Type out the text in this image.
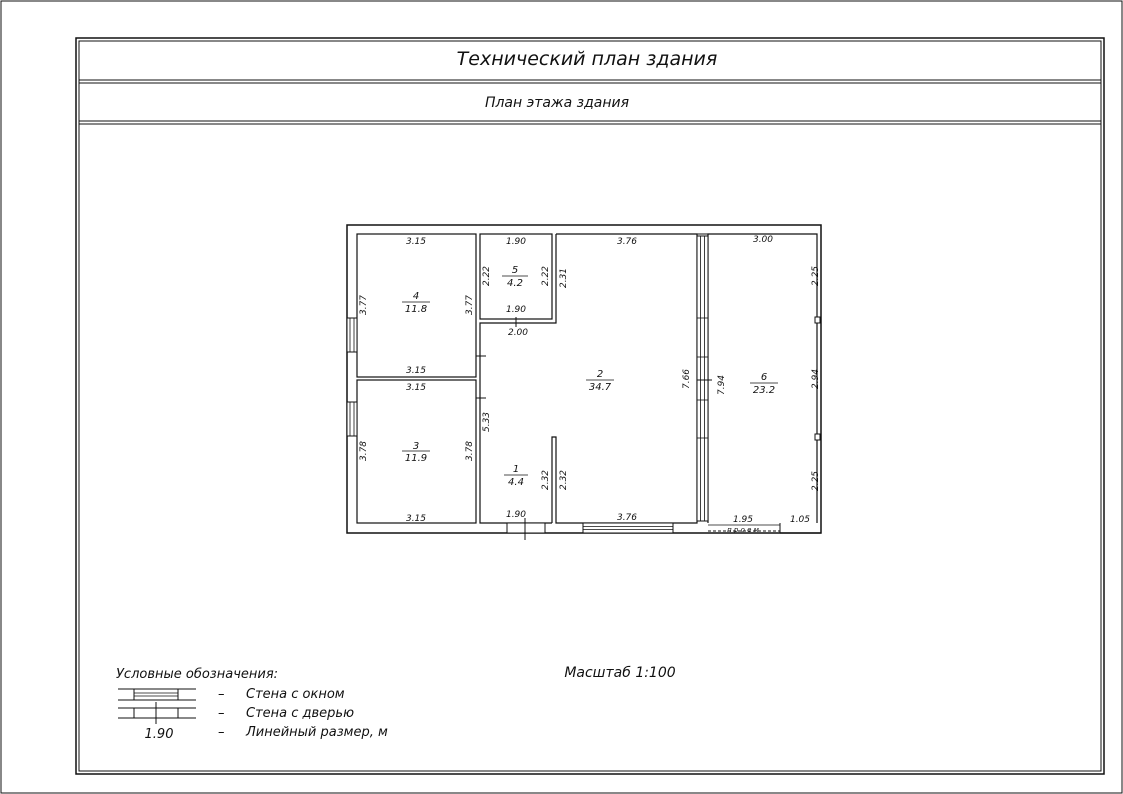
Технический план здания
План этажа здания
п р о е м
4
11.8
3
11.9
5
4.2
2
34.7
1
4.4
6
23.2
3.15
3.15
3.15
3.15
1.90
1.90
2.00
3.76
3.76
1.90
3.00
1.95	1.05
3.77	3.77
3.78	3.78
2.22	2.22 2.31
7.66
5.33
2.32 2.32
7.94
2.25
2.94
2.25
Масштаб 1:100
Условные обозначения:
– Стена с окном
– Стена с дверью
1.90	– Линейный размер, м
